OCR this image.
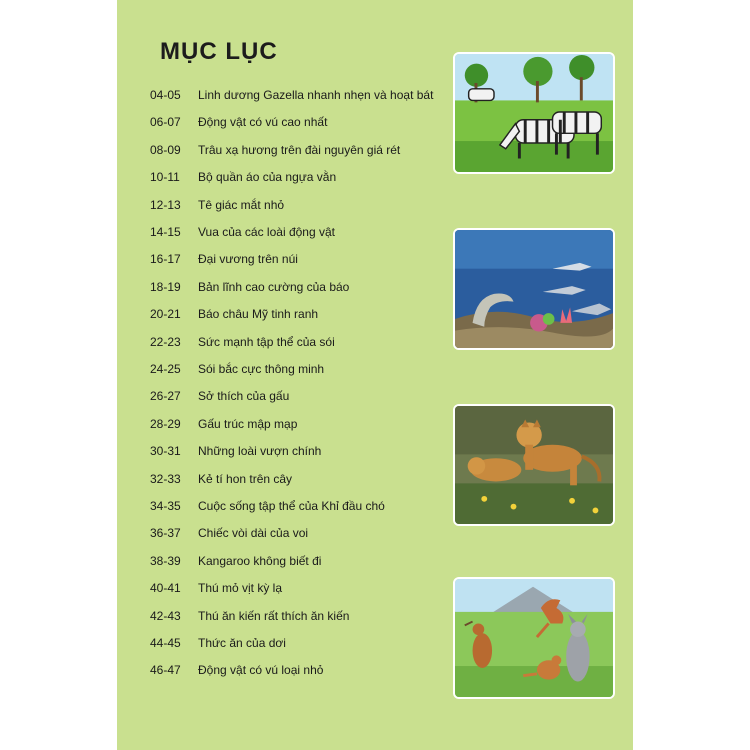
MỤC LỤC
04-05 Linh dương Gazella nhanh nhẹn và hoạt bát
06-07 Động vật có vú cao nhất
08-09 Trâu xạ hương trên đài nguyên giá rét
10-11 Bộ quần áo của ngựa vằn
12-13 Tê giác mắt nhỏ
14-15 Vua của các loài động vật
16-17 Đại vương trên núi
18-19 Bản lĩnh cao cường của báo
20-21 Báo châu Mỹ tinh ranh
22-23 Sức mạnh tập thể của sói
24-25 Sói bắc cực thông minh
26-27 Sở thích của gấu
28-29 Gấu trúc mập mạp
30-31 Những loài vượn chính
32-33 Kẻ tí hon trên cây
34-35 Cuộc sống tập thể của Khỉ đầu chó
36-37 Chiếc vòi dài của voi
38-39 Kangaroo không biết đi
40-41 Thú mỏ vịt kỳ lạ
42-43 Thú ăn kiến rất thích ăn kiến
44-45 Thức ăn của dơi
46-47 Động vật có vú loại nhỏ
